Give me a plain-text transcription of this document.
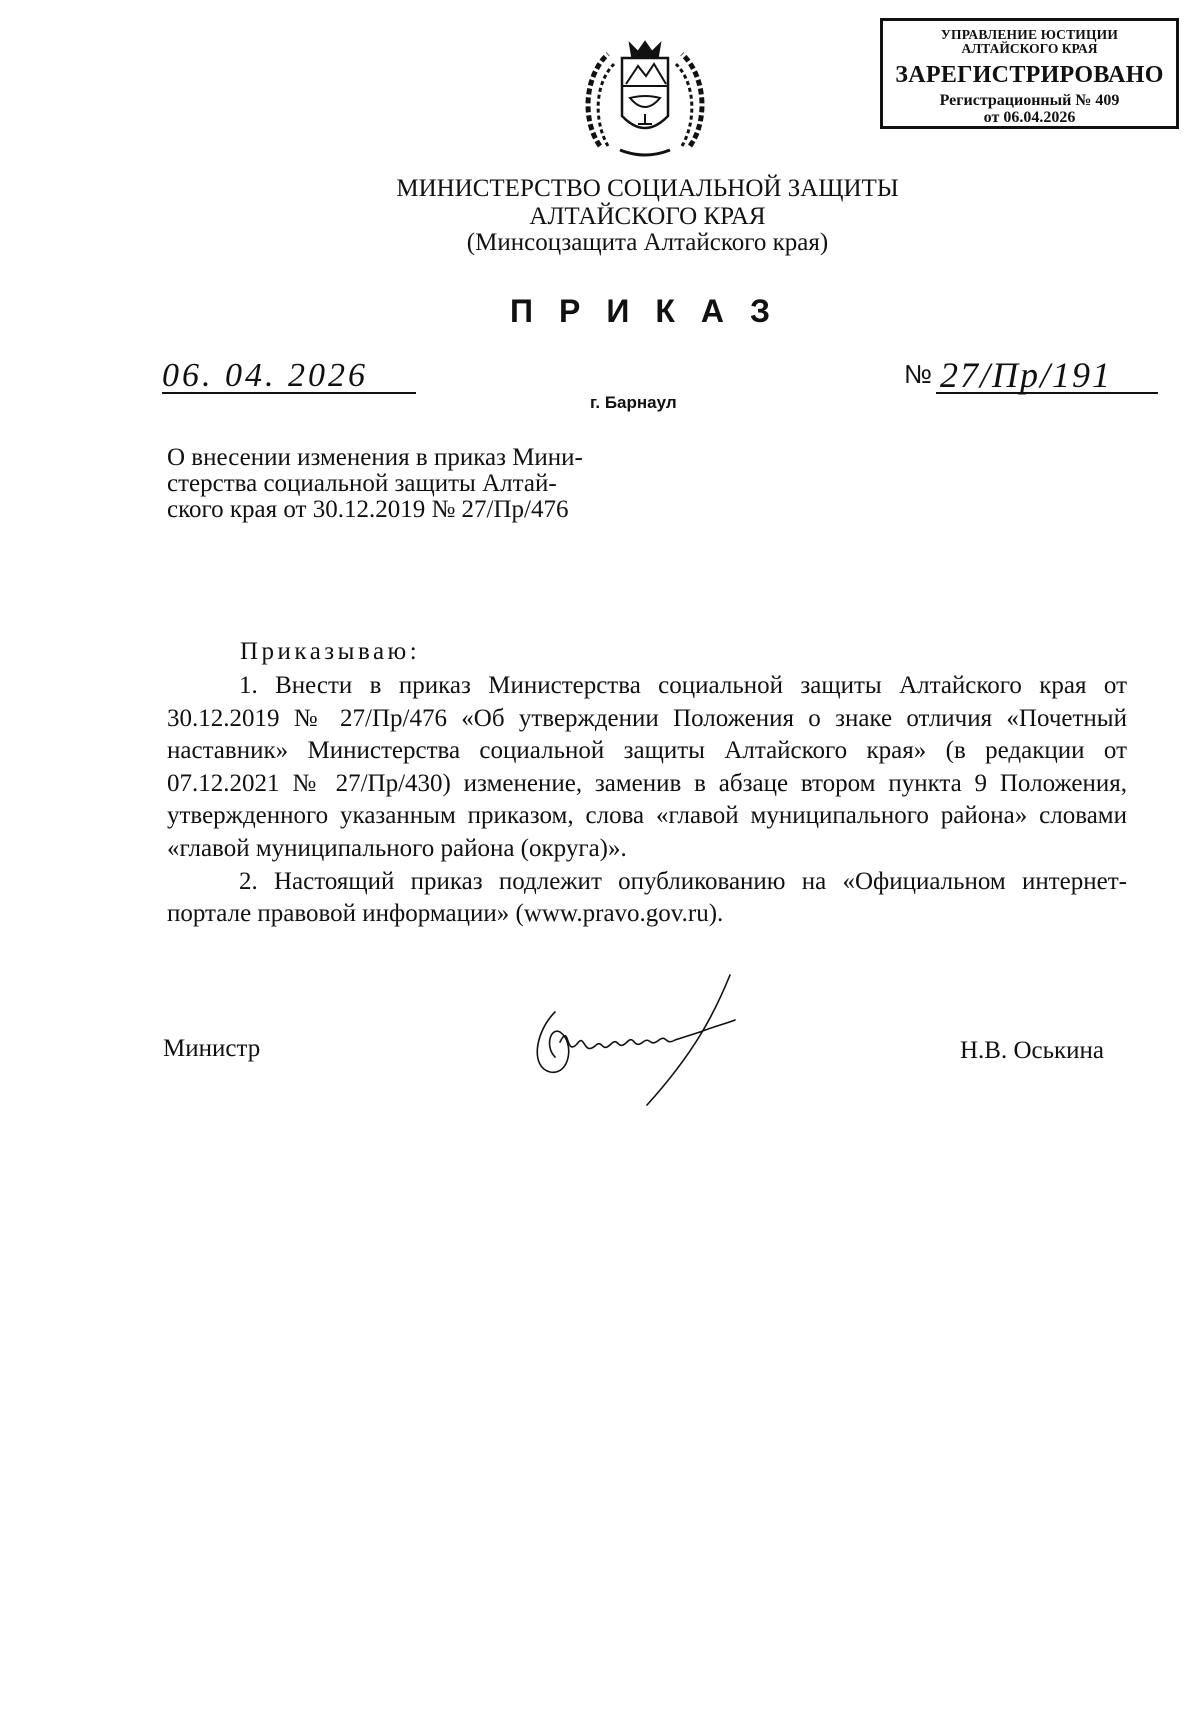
УПРАВЛЕНИЕ ЮСТИЦИИ
АЛТАЙСКОГО КРАЯ
ЗАРЕГИСТРИРОВАНО
Регистрационный № 409
от 06.04.2026
МИНИСТЕРСТВО СОЦИАЛЬНОЙ ЗАЩИТЫ
АЛТАЙСКОГО КРАЯ
(Минсоцзащита Алтайского края)
ПРИКАЗ
06. 04. 2026	№ 27/Пр/191
г. Барнаул
О внесении изменения в приказ Мини-
стерства социальной защиты Алтай-
ского края от 30.12.2019 № 27/Пр/476
Приказываю:

1. Внести в приказ Министерства социальной защиты Алтайского края от 30.12.2019 № 27/Пр/476 «Об утверждении Положения о знаке отличия «Почетный наставник» Министерства социальной защиты Алтайского края» (в редакции от 07.12.2021 № 27/Пр/430) изменение, заменив в абзаце втором пункта 9 Положения, утвержденного указанным приказом, слова «главой муниципального района» словами «главой муниципального района (округа)».

2. Настоящий приказ подлежит опубликованию на «Официальном интернет-портале правовой информации» (www.pravo.gov.ru).

Министр	Н.В. Оськина
